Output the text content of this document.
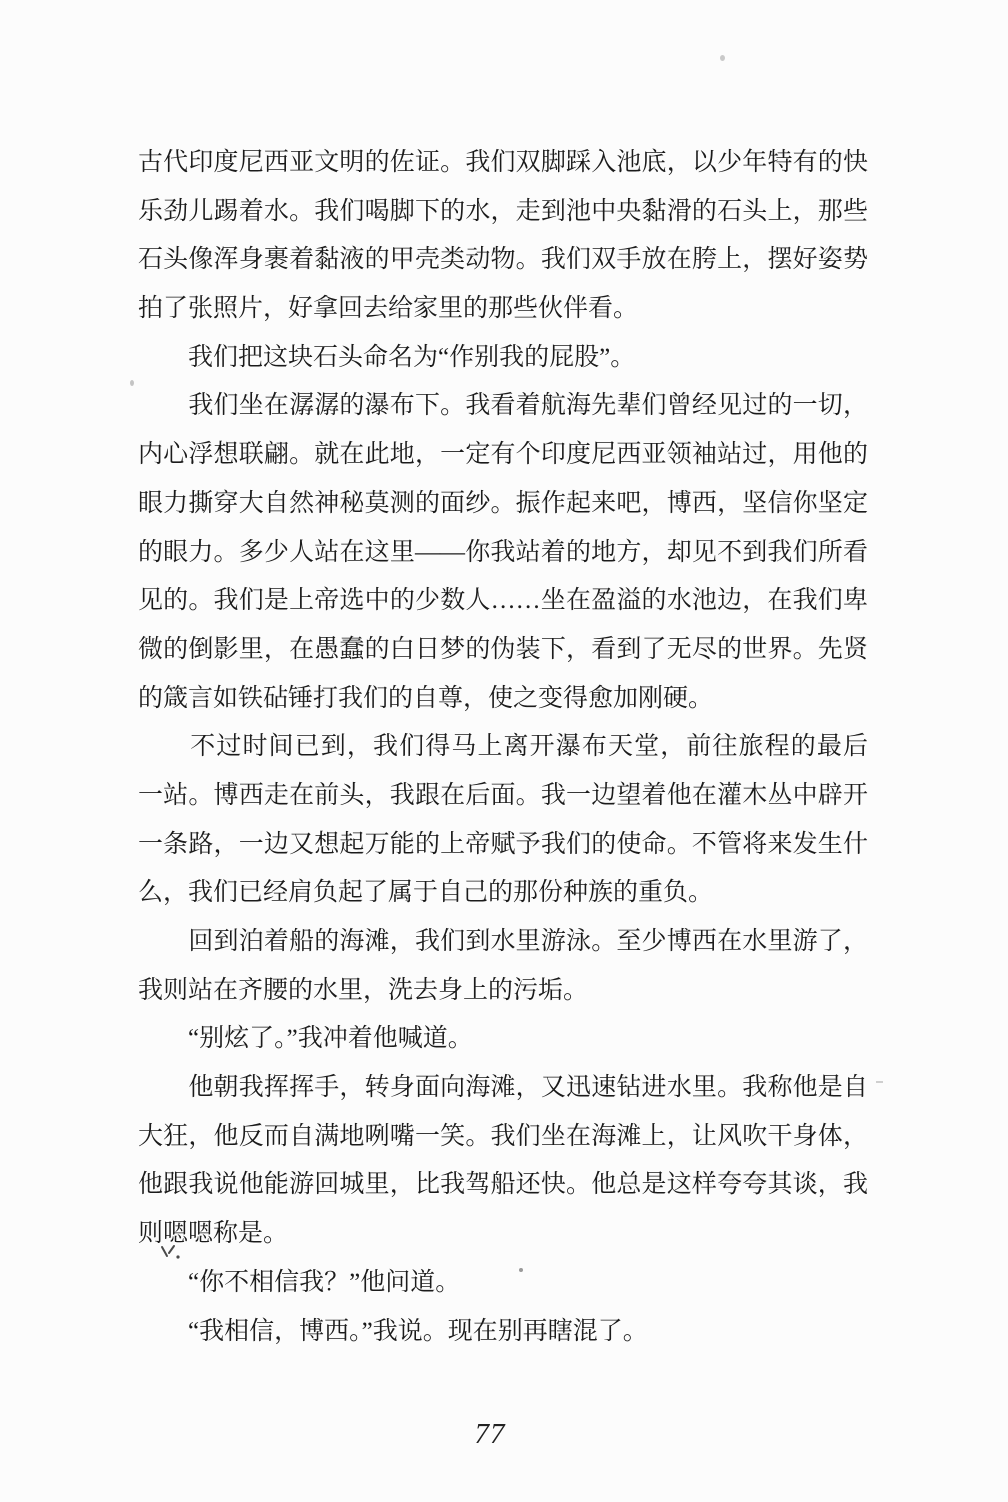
古代印度尼西亚文明的佐证。我们双脚踩入池底，以少年特有的快
乐劲儿踢着水。我们喝脚下的水，走到池中央黏滑的石头上，那些
石头像浑身裹着黏液的甲壳类动物。我们双手放在胯上，摆好姿势
拍了张照片，好拿回去给家里的那些伙伴看。
　　我们把这块石头命名为“作别我的屁股”。
　　我们坐在潺潺的瀑布下。我看着航海先辈们曾经见过的一切，
内心浮想联翩。就在此地，一定有个印度尼西亚领袖站过，用他的
眼力撕穿大自然神秘莫测的面纱。振作起来吧，博西，坚信你坚定
的眼力。多少人站在这里——你我站着的地方，却见不到我们所看
见的。我们是上帝选中的少数人……坐在盈溢的水池边，在我们卑
微的倒影里，在愚蠢的白日梦的伪装下，看到了无尽的世界。先贤
的箴言如铁砧锤打我们的自尊，使之变得愈加刚硬。
　　不过时间已到，我们得马上离开瀑布天堂，前往旅程的最后
一站。博西走在前头，我跟在后面。我一边望着他在灌木丛中辟开
一条路，一边又想起万能的上帝赋予我们的使命。不管将来发生什
么，我们已经肩负起了属于自己的那份种族的重负。
　　回到泊着船的海滩，我们到水里游泳。至少博西在水里游了，
我则站在齐腰的水里，洗去身上的污垢。
　　“别炫了。”我冲着他喊道。
　　他朝我挥挥手，转身面向海滩，又迅速钻进水里。我称他是自
大狂，他反而自满地咧嘴一笑。我们坐在海滩上，让风吹干身体，
他跟我说他能游回城里，比我驾船还快。他总是这样夸夸其谈，我
则嗯嗯称是。
　　“你不相信我？”他问道。
　　“我相信，博西。”我说。现在别再瞎混了。
77
